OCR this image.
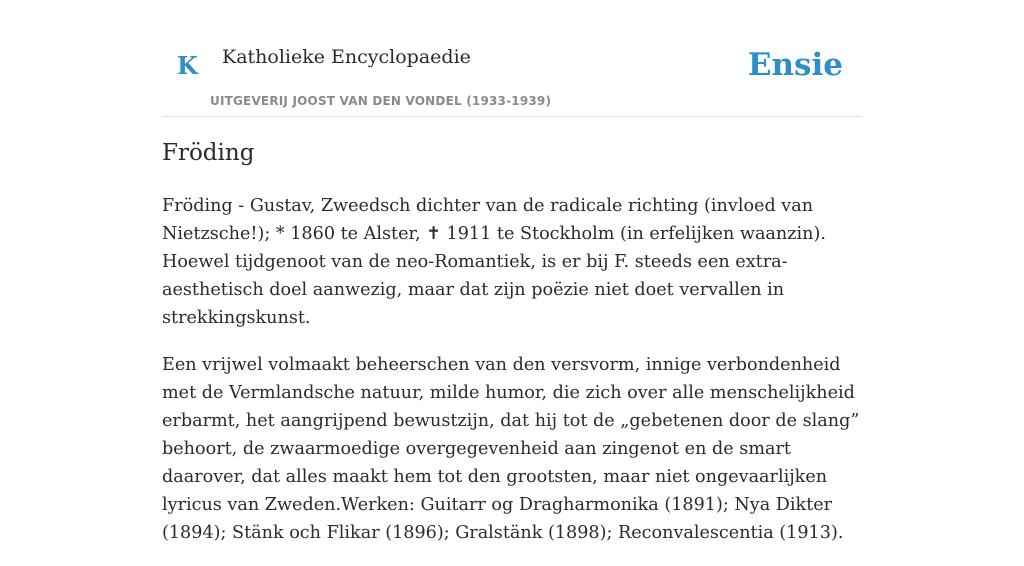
K Katholieke Encyclopaedie
UITGEVERIJ JOOST VAN DEN VONDEL (1933-1939)
Ensie
Fröding

Fröding - Gustav, Zweedsch dichter van de radicale richting (invloed van Nietzsche!); * 1860 te Alster, ✝ 1911 te Stockholm (in erfelijken waanzin). Hoewel tijdgenoot van de neo-Romantiek, is er bij F. steeds een extra-aesthetisch doel aanwezig, maar dat zijn poëzie niet doet vervallen in strekkingskunst.

Een vrijwel volmaakt beheerschen van den versvorm, innige verbondenheid met de Vermlandsche natuur, milde humor, die zich over alle menschelijkheid erbarmt, het aangrijpend bewustzijn, dat hij tot de „gebetenen door de slang” behoort, de zwaarmoedige overgegevenheid aan zingenot en de smart daarover, dat alles maakt hem tot den grootsten, maar niet ongevaarlijken lyricus van Zweden.Werken: Guitarr og Dragharmonika (1891); Nya Dikter (1894); Stänk och Flikar (1896); Gralstänk (1898); Reconvalescentia (1913).
